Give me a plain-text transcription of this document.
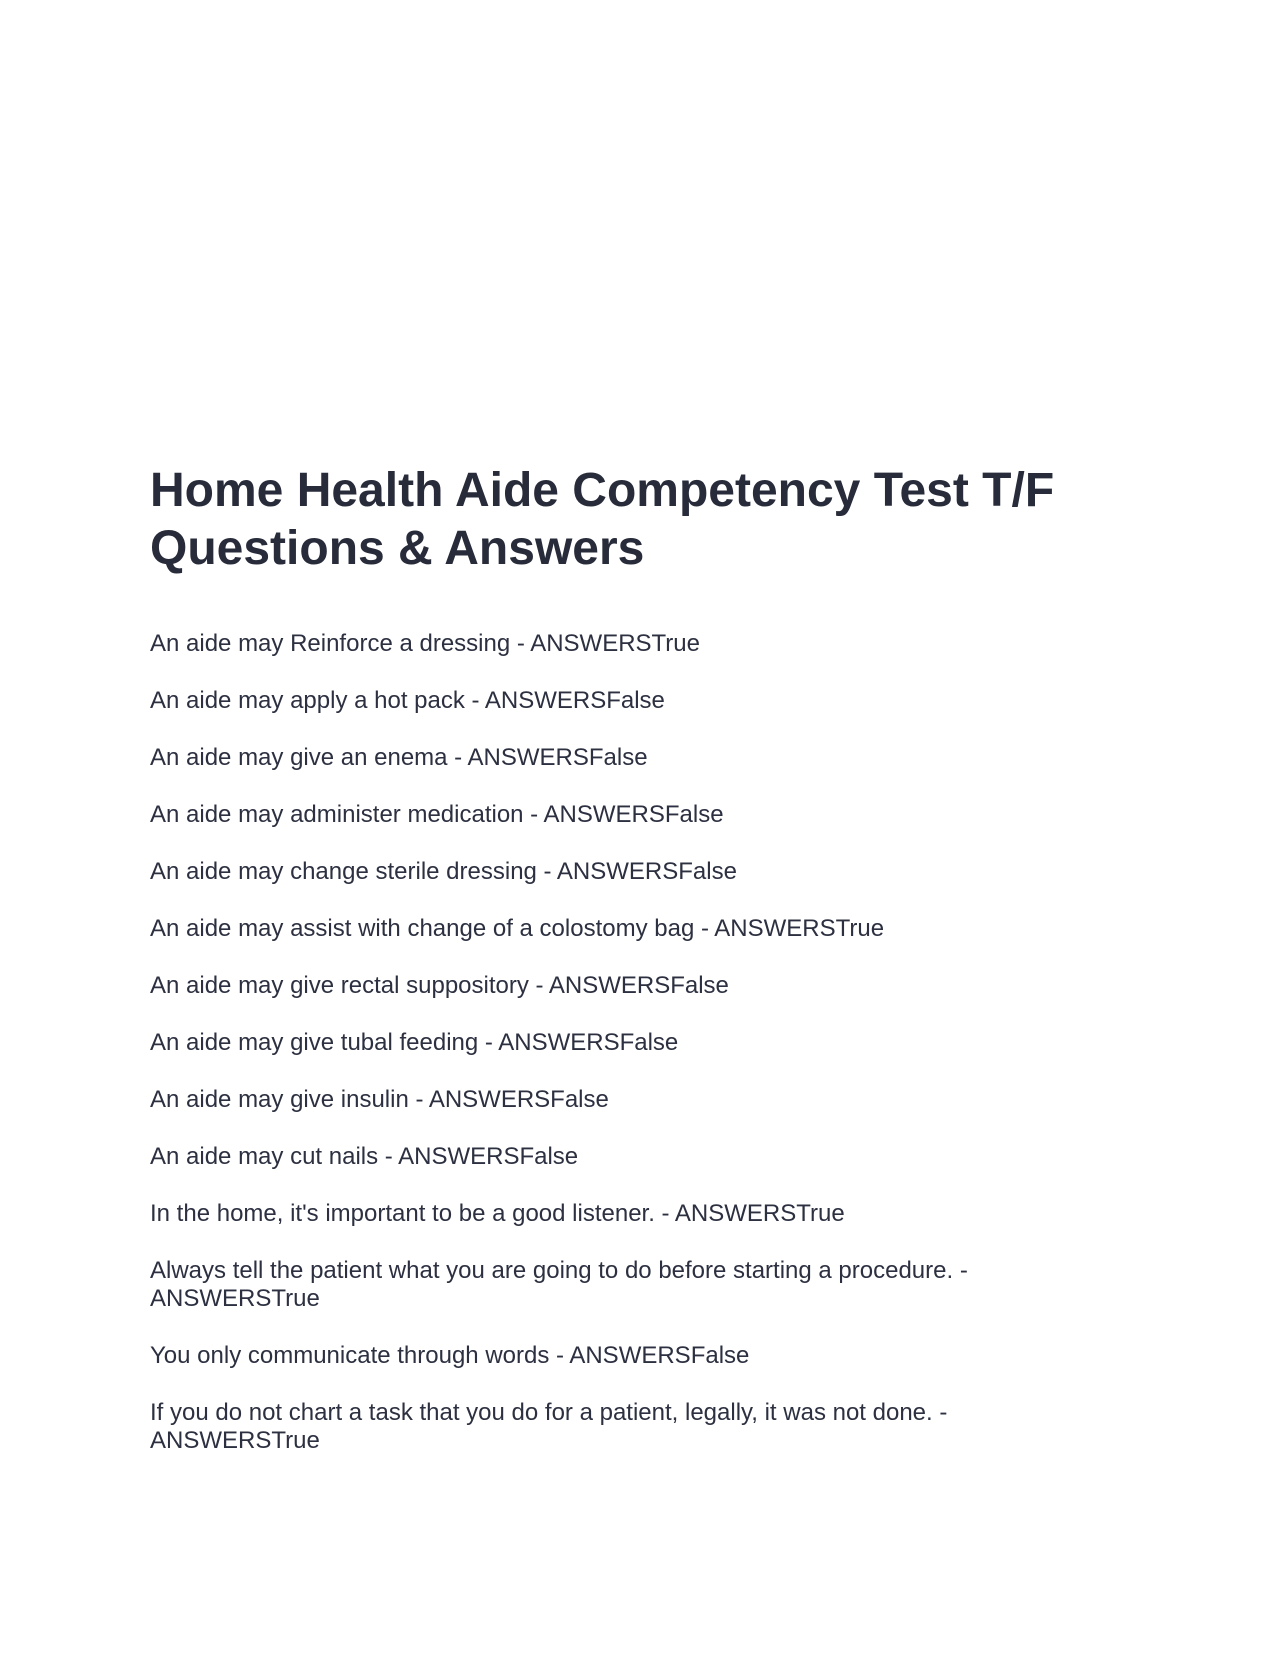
Home Health Aide Competency Test T/F
Questions & Answers
An aide may Reinforce a dressing - ANSWERSTrue
An aide may apply a hot pack - ANSWERSFalse
An aide may give an enema - ANSWERSFalse
An aide may administer medication - ANSWERSFalse
An aide may change sterile dressing - ANSWERSFalse
An aide may assist with change of a colostomy bag - ANSWERSTrue
An aide may give rectal suppository - ANSWERSFalse
An aide may give tubal feeding - ANSWERSFalse
An aide may give insulin - ANSWERSFalse
An aide may cut nails - ANSWERSFalse
In the home, it's important to be a good listener. - ANSWERSTrue
Always tell the patient what you are going to do before starting a procedure. - ANSWERSTrue
You only communicate through words - ANSWERSFalse
If you do not chart a task that you do for a patient, legally, it was not done. - ANSWERSTrue
